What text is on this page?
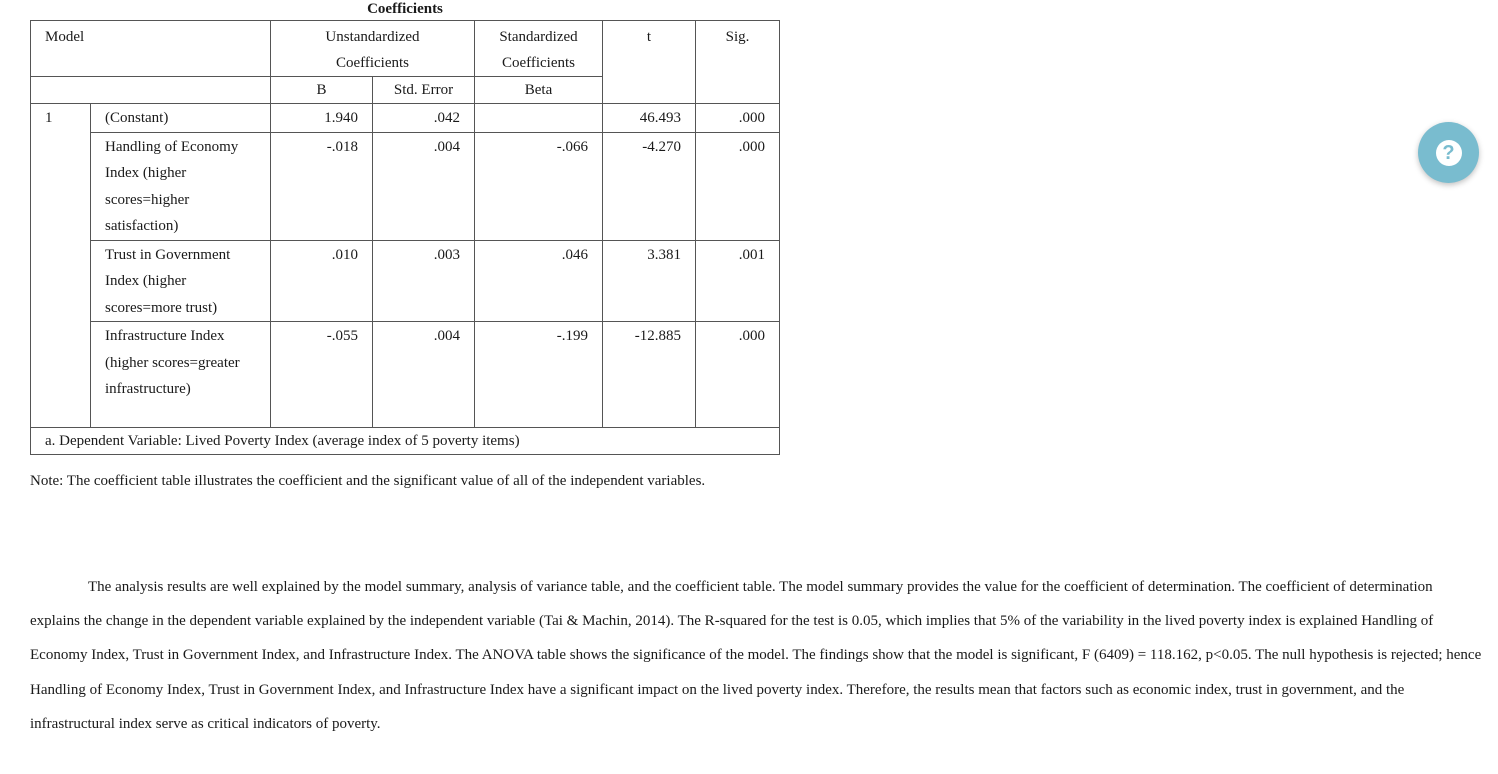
Coefficients						
Model		Unstandardized Coefficients		Standardized Coefficients	t	Sig.

		B	Std. Error	Beta		
1	(Constant)	1.940	.042		46.493	.000
	Handling of Economy Index (higher scores=higher satisfaction)	-.018	.004	-.066	-4.270	.000
	Trust in Government Index (higher scores=more trust)	.010	.003	.046	3.381	.001
	Infrastructure Index (higher scores=greater infrastructure)	-.055	.004	-.199	-12.885	.000
a. Dependent Variable: Lived Poverty Index (average index of 5 poverty items)						
Note: The coefficient table illustrates the coefficient and the significant value of all of the independent variables.
The analysis results are well explained by the model summary, analysis of variance table, and the coefficient table. The model summary provides the value for the coefficient of determination. The coefficient of determination explains the change in the dependent variable explained by the independent variable (Tai & Machin, 2014). The R-squared for the test is 0.05, which implies that 5% of the variability in the lived poverty index is explained Handling of Economy Index, Trust in Government Index, and Infrastructure Index. The ANOVA table shows the significance of the model. The findings show that the model is significant, F (6409) = 118.162, p<0.05. The null hypothesis is rejected; hence Handling of Economy Index, Trust in Government Index, and Infrastructure Index have a significant impact on the lived poverty index. Therefore, the results mean that factors such as economic index, trust in government, and the infrastructural index serve as critical indicators of poverty.
?
